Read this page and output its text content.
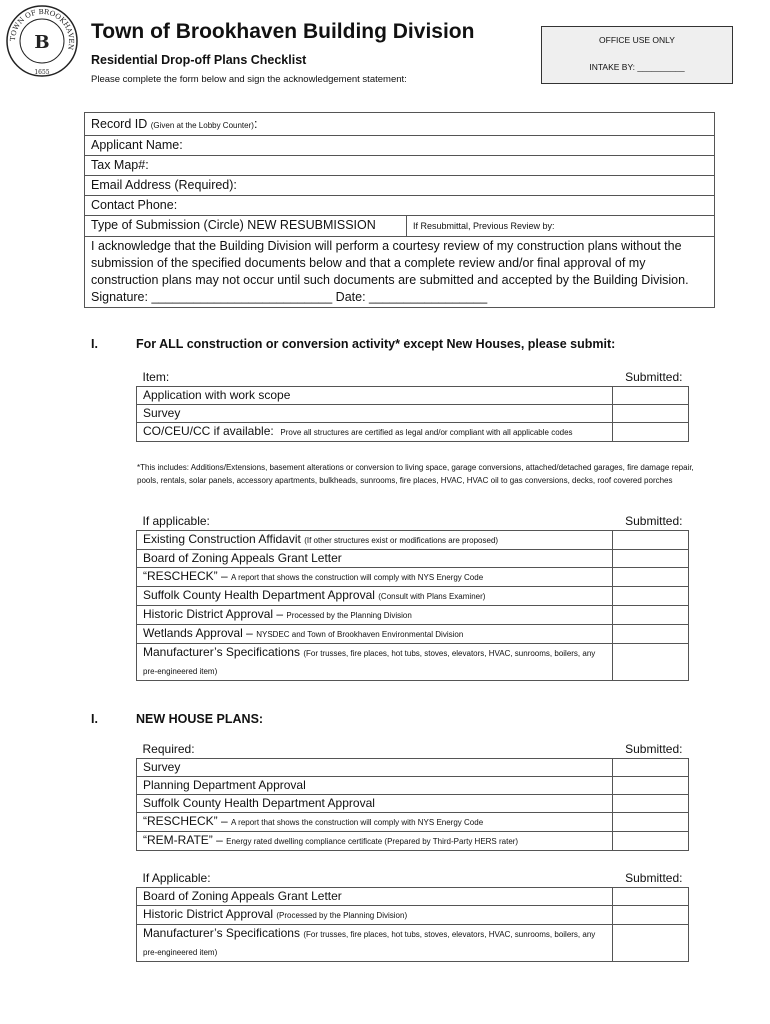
TOWN OF BROOKHAVEN
B
1655
Town of Brookhaven Building Division
Residential Drop-off Plans Checklist
Please complete the form below and sign the acknowledgement statement:
OFFICE USE ONLY
INTAKE BY: __________
Record ID (Given at the Lobby Counter):
Applicant Name:
Tax Map#:
Email Address (Required):
Contact Phone:
Type of Submission (Circle) NEW RESUBMISSION	If Resubmittal, Previous Review by:

I acknowledge that the Building Division will perform a courtesy review of my construction plans without the submission of the specified documents below and that a complete review and/or final approval of my construction plans may not occur until such documents are submitted and accepted by the Building Division.
Signature: __________________________ Date: _________________
I.	For ALL construction or conversion activity* except New Houses, please submit:
Item:	Submitted:
Application with work scope	
Survey	
CO/CEU/CC if available: Prove all structures are certified as legal and/or compliant with all applicable codes	
*This includes: Additions/Extensions, basement alterations or conversion to living space, garage conversions, attached/detached garages, fire damage repair, pools, rentals, solar panels, accessory apartments, bulkheads, sunrooms, fire places, HVAC, HVAC oil to gas conversions, decks, roof covered porches
If applicable:	Submitted:
Existing Construction Affidavit (If other structures exist or modifications are proposed)	
Board of Zoning Appeals Grant Letter	
“RESCHECK” – A report that shows the construction will comply with NYS Energy Code	
Suffolk County Health Department Approval (Consult with Plans Examiner)	
Historic District Approval – Processed by the Planning Division	
Wetlands Approval – NYSDEC and Town of Brookhaven Environmental Division	
Manufacturer’s Specifications (For trusses, fire places, hot tubs, stoves, elevators, HVAC, sunrooms, boilers, any pre-engineered item)	
I.	NEW HOUSE PLANS:
Required:	Submitted:
Survey	
Planning Department Approval	
Suffolk County Health Department Approval	
“RESCHECK” – A report that shows the construction will comply with NYS Energy Code	
“REM-RATE” – Energy rated dwelling compliance certificate (Prepared by Third-Party HERS rater)	
If Applicable:	Submitted:
Board of Zoning Appeals Grant Letter	
Historic District Approval (Processed by the Planning Division)	
Manufacturer’s Specifications (For trusses, fire places, hot tubs, stoves, elevators, HVAC, sunrooms, boilers, any pre-engineered item)	
